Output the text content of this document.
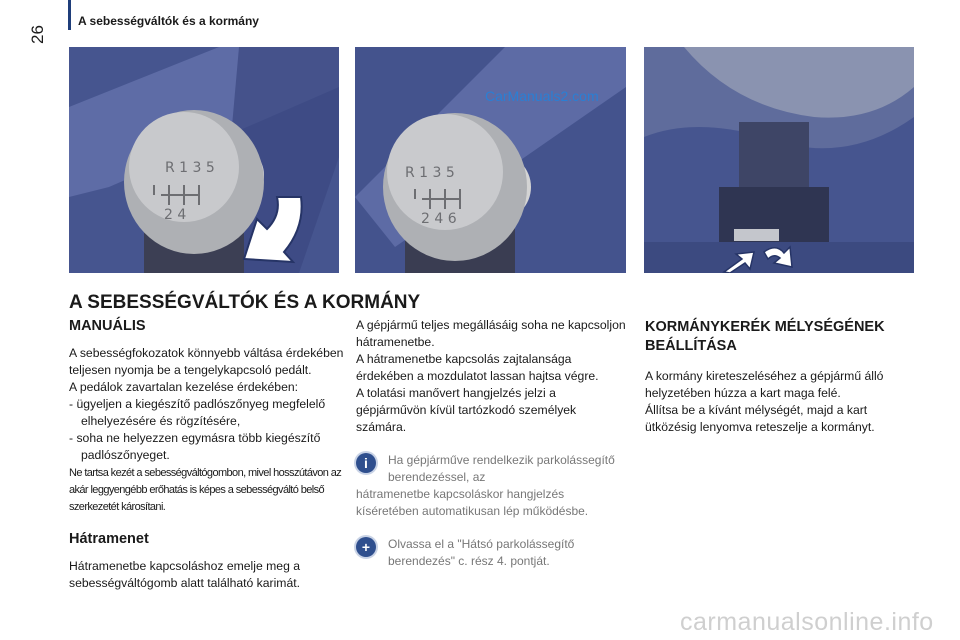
26
A sebességváltók és a kormány
R 1 3 5
2 4
R 1 3 5
2 4 6
CarManuals2.com
A SEBESSÉGVÁLTÓK ÉS A KORMÁNY
MANUÁLIS

A sebességfokozatok könnyebb váltása érdekében teljesen nyomja be a tengelykapcsoló pedált.

A pedálok zavartalan kezelése érdekében:

- ügyeljen a kiegészítő padlószőnyeg megfelelő elhelyezésére és rögzítésére,

- soha ne helyezzen egymásra több kiegészítő padlószőnyeget.

Ne tartsa kezét a sebességváltógombon, mivel hosszútávon az akár leggyengébb erőhatás is képes a sebességváltó belső szerkezetét károsítani.

Hátramenet

Hátramenetbe kapcsoláshoz emelje meg a sebességváltógomb alatt található karimát.

A gépjármű teljes megállásáig soha ne kapcsoljon hátramenetbe.

A hátramenetbe kapcsolás zajtalansága érdekében a mozdulatot lassan hajtsa végre.

A tolatási manővert hangjelzés jelzi a gépjárművön kívül tartózkodó személyek számára.

i	Ha gépjárműve rendelkezik parkolássegítő berendezéssel, az
hátramenetbe kapcsoláskor hangjelzés kíséretében automatikusan lép működésbe.
+	Olvassa el a "Hátsó parkolássegítő berendezés" c. rész 4. pontját.
KORMÁNYKERÉK MÉLYSÉGÉNEK BEÁLLÍTÁSA

A kormány kireteszeléséhez a gépjármű álló helyzetében húzza a kart maga felé.

Állítsa be a kívánt mélységét, majd a kart ütközésig lenyomva reteszelje a kormányt.

carmanualsonline.info
